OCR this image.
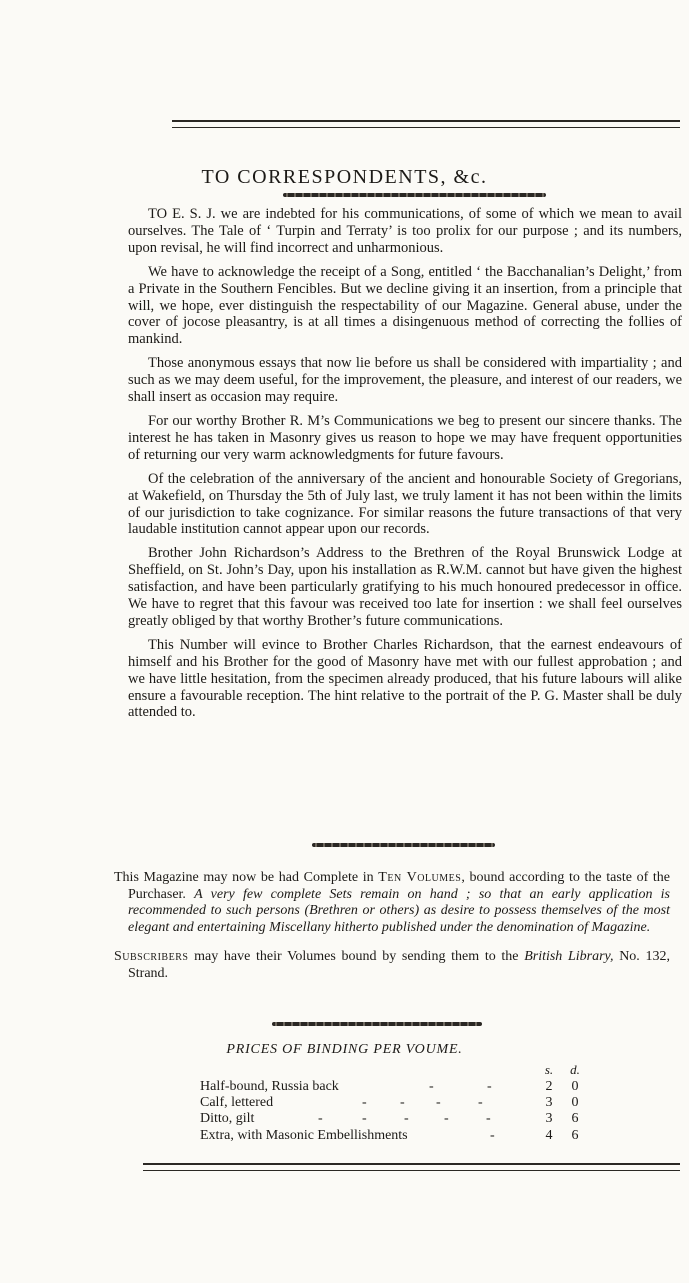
TO CORRESPONDENTS, &c.

TO E. S. J. we are indebted for his communications, of some of which we mean to avail ourselves. The Tale of ‘ Turpin and Terraty’ is too prolix for our purpose ; and its numbers, upon revisal, he will find incorrect and unharmonious.

We have to acknowledge the receipt of a Song, entitled ‘ the Bacchanalian’s Delight,’ from a Private in the Southern Fencibles. But we decline giving it an insertion, from a principle that will, we hope, ever distinguish the respectability of our Magazine. General abuse, under the cover of jocose pleasantry, is at all times a disingenuous method of correcting the follies of mankind.

Those anonymous essays that now lie before us shall be considered with impartiality ; and such as we may deem useful, for the improvement, the pleasure, and interest of our readers, we shall insert as occasion may require.

For our worthy Brother R. M’s Communications we beg to present our sincere thanks. The interest he has taken in Masonry gives us reason to hope we may have frequent opportunities of returning our very warm acknowledgments for future favours.

Of the celebration of the anniversary of the ancient and honourable Society of Gregorians, at Wakefield, on Thursday the 5th of July last, we truly lament it has not been within the limits of our jurisdiction to take cognizance. For similar reasons the future transactions of that very laudable institution cannot appear upon our records.

Brother John Richardson’s Address to the Brethren of the Royal Brunswick Lodge at Sheffield, on St. John’s Day, upon his installation as R.W.M. cannot but have given the highest satisfaction, and have been particularly gratifying to his much honoured predecessor in office. We have to regret that this favour was received too late for insertion : we shall feel ourselves greatly obliged by that worthy Brother’s future communications.

This Number will evince to Brother Charles Richardson, that the earnest endeavours of himself and his Brother for the good of Masonry have met with our fullest approbation ; and we have little hesitation, from the specimen already produced, that his future labours will alike ensure a favourable reception. The hint relative to the portrait of the P. G. Master shall be duly attended to.

This Magazine may now be had Complete in Ten Volumes, bound according to the taste of the Purchaser. A very few complete Sets remain on hand ; so that an early application is recommended to such persons (Brethren or others) as desire to possess themselves of the most elegant and entertaining Miscellany hitherto published under the denomination of Magazine.

Subscribers may have their Volumes bound by sending them to the British Library, No. 132, Strand.

PRICES OF BINDING PER VOUME.
s. d.
Half-bound, Russia back	-	-	2	0
Calf, lettered	- - -	-	3	0
Ditto, gilt	-	-	-	-	-	3	6
Extra, with Masonic Embellishments	-	4	6
